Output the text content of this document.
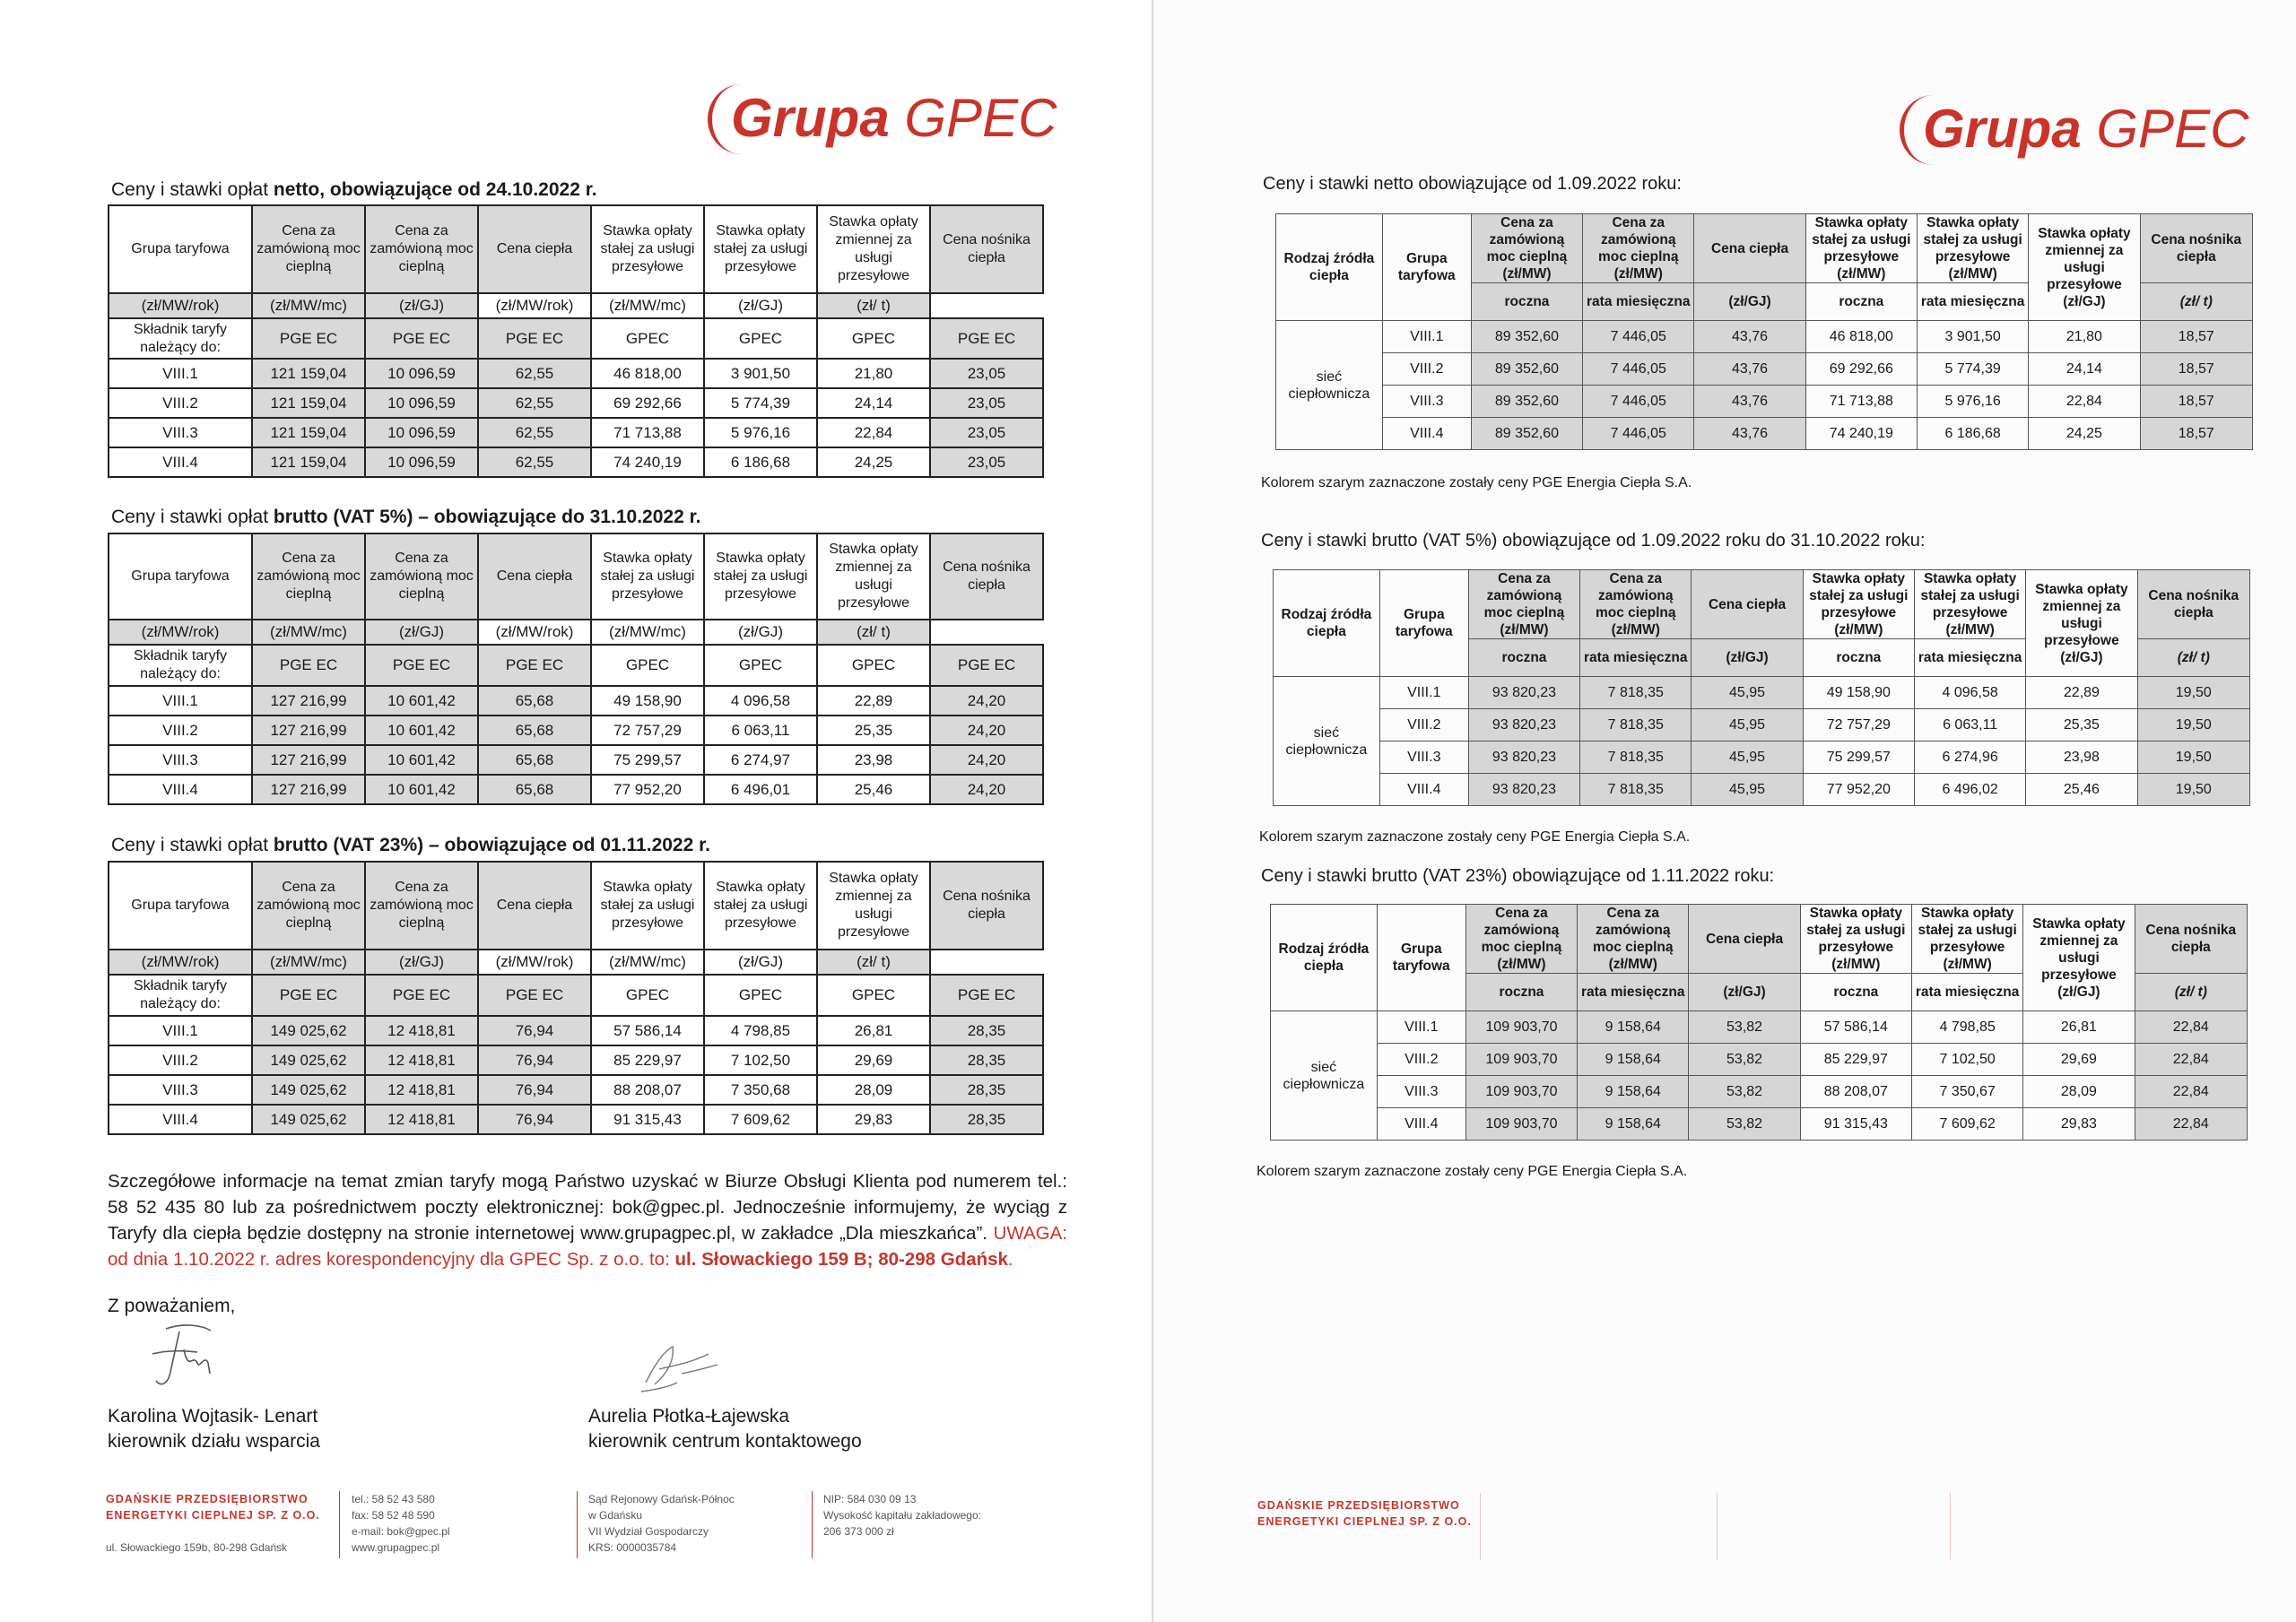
Grupa GPEC
Ceny i stawki opłat netto, obowiązujące od 24.10.2022 r.
Grupa taryfowa	Cena za zamówioną moc cieplną	Cena za zamówioną moc cieplną	Cena ciepła	Stawka opłaty stałej za usługi przesyłowe	Stawka opłaty stałej za usługi przesyłowe	Stawka opłaty zmiennej za usługi przesyłowe	Cena nośnika ciepła
(zł/MW/rok)	(zł/MW/mc)	(zł/GJ)	(zł/MW/rok)	(zł/MW/mc)	(zł/GJ)	(zł/ t)	
Składnik taryfy należący do:	PGE EC	PGE EC	PGE EC	GPEC	GPEC	GPEC	PGE EC
VIII.1	121 159,04	10 096,59	62,55	46 818,00	3 901,50	21,80	23,05
VIII.2	121 159,04	10 096,59	62,55	69 292,66	5 774,39	24,14	23,05
VIII.3	121 159,04	10 096,59	62,55	71 713,88	5 976,16	22,84	23,05
VIII.4	121 159,04	10 096,59	62,55	74 240,19	6 186,68	24,25	23,05
Ceny i stawki opłat brutto (VAT 5%) – obowiązujące do 31.10.2022 r.
Grupa taryfowa	Cena za zamówioną moc cieplną	Cena za zamówioną moc cieplną	Cena ciepła	Stawka opłaty stałej za usługi przesyłowe	Stawka opłaty stałej za usługi przesyłowe	Stawka opłaty zmiennej za usługi przesyłowe	Cena nośnika ciepła
(zł/MW/rok)	(zł/MW/mc)	(zł/GJ)	(zł/MW/rok)	(zł/MW/mc)	(zł/GJ)	(zł/ t)	
Składnik taryfy należący do:	PGE EC	PGE EC	PGE EC	GPEC	GPEC	GPEC	PGE EC
VIII.1	127 216,99	10 601,42	65,68	49 158,90	4 096,58	22,89	24,20
VIII.2	127 216,99	10 601,42	65,68	72 757,29	6 063,11	25,35	24,20
VIII.3	127 216,99	10 601,42	65,68	75 299,57	6 274,97	23,98	24,20
VIII.4	127 216,99	10 601,42	65,68	77 952,20	6 496,01	25,46	24,20
Ceny i stawki opłat brutto (VAT 23%) – obowiązujące od 01.11.2022 r.
Grupa taryfowa	Cena za zamówioną moc cieplną	Cena za zamówioną moc cieplną	Cena ciepła	Stawka opłaty stałej za usługi przesyłowe	Stawka opłaty stałej za usługi przesyłowe	Stawka opłaty zmiennej za usługi przesyłowe	Cena nośnika ciepła
(zł/MW/rok)	(zł/MW/mc)	(zł/GJ)	(zł/MW/rok)	(zł/MW/mc)	(zł/GJ)	(zł/ t)	
Składnik taryfy należący do:	PGE EC	PGE EC	PGE EC	GPEC	GPEC	GPEC	PGE EC
VIII.1	149 025,62	12 418,81	76,94	57 586,14	4 798,85	26,81	28,35
VIII.2	149 025,62	12 418,81	76,94	85 229,97	7 102,50	29,69	28,35
VIII.3	149 025,62	12 418,81	76,94	88 208,07	7 350,68	28,09	28,35
VIII.4	149 025,62	12 418,81	76,94	91 315,43	7 609,62	29,83	28,35
Szczegółowe informacje na temat zmian taryfy mogą Państwo uzyskać w Biurze Obsługi Klienta pod numerem tel.: 58 52 435 80 lub za pośrednictwem poczty elektronicznej: bok@gpec.pl. Jednocześnie informujemy, że wyciąg z Taryfy dla ciepła będzie dostępny na stronie internetowej www.grupagpec.pl, w zakładce „Dla mieszkańca”. UWAGA: od dnia 1.10.2022 r. adres korespondencyjny dla GPEC Sp. z o.o. to: ul. Słowackiego 159 B; 80-298 Gdańsk.
Z poważaniem,
Karolina Wojtasik- Lenart
kierownik działu wsparcia
Aurelia Płotka-Łajewska
kierownik centrum kontaktowego
GDAŃSKIE PRZEDSIĘBIORSTWO
ENERGETYKI CIEPLNEJ SP. Z O.O.
ul. Słowackiego 159b, 80-298 Gdańsk
tel.: 58 52 43 580
fax: 58 52 48 590
e-mail: bok@gpec.pl
www.grupagpec.pl
Sąd Rejonowy Gdańsk-Północ
w Gdańsku
VII Wydział Gospodarczy
KRS: 0000035784
NIP: 584 030 09 13
Wysokość kapitału zakładowego:
206 373 000 zł
Grupa GPEC
Ceny i stawki netto obowiązujące od 1.09.2022 roku:
Rodzaj źródła ciepła	Grupa taryfowa	Cena za zamówioną moc cieplną (zł/MW)	Cena za zamówioną moc cieplną (zł/MW)	Cena ciepła	Stawka opłaty stałej za usługi przesyłowe (zł/MW)	Stawka opłaty stałej za usługi przesyłowe (zł/MW)	Stawka opłaty zmiennej za usługi przesyłowe (zł/GJ)	Cena nośnika ciepła
		roczna	rata miesięczna	(zł/GJ)	roczna	rata miesięczna		(zł/ t)
sieć ciepłownicza	VIII.1	89 352,60	7 446,05	43,76	46 818,00	3 901,50	21,80	18,57
	VIII.2	89 352,60	7 446,05	43,76	69 292,66	5 774,39	24,14	18,57
	VIII.3	89 352,60	7 446,05	43,76	71 713,88	5 976,16	22,84	18,57
	VIII.4	89 352,60	7 446,05	43,76	74 240,19	6 186,68	24,25	18,57
Kolorem szarym zaznaczone zostały ceny PGE Energia Ciepła S.A.
Ceny i stawki brutto (VAT 5%) obowiązujące od 1.09.2022 roku do 31.10.2022 roku:
Rodzaj źródła ciepła	Grupa taryfowa	Cena za zamówioną moc cieplną (zł/MW)	Cena za zamówioną moc cieplną (zł/MW)	Cena ciepła	Stawka opłaty stałej za usługi przesyłowe (zł/MW)	Stawka opłaty stałej za usługi przesyłowe (zł/MW)	Stawka opłaty zmiennej za usługi przesyłowe (zł/GJ)	Cena nośnika ciepła
		roczna	rata miesięczna	(zł/GJ)	roczna	rata miesięczna		(zł/ t)
sieć ciepłownicza	VIII.1	93 820,23	7 818,35	45,95	49 158,90	4 096,58	22,89	19,50
	VIII.2	93 820,23	7 818,35	45,95	72 757,29	6 063,11	25,35	19,50
	VIII.3	93 820,23	7 818,35	45,95	75 299,57	6 274,96	23,98	19,50
	VIII.4	93 820,23	7 818,35	45,95	77 952,20	6 496,02	25,46	19,50
Kolorem szarym zaznaczone zostały ceny PGE Energia Ciepła S.A.
Ceny i stawki brutto (VAT 23%) obowiązujące od 1.11.2022 roku:
Rodzaj źródła ciepła	Grupa taryfowa	Cena za zamówioną moc cieplną (zł/MW)	Cena za zamówioną moc cieplną (zł/MW)	Cena ciepła	Stawka opłaty stałej za usługi przesyłowe (zł/MW)	Stawka opłaty stałej za usługi przesyłowe (zł/MW)	Stawka opłaty zmiennej za usługi przesyłowe (zł/GJ)	Cena nośnika ciepła
		roczna	rata miesięczna	(zł/GJ)	roczna	rata miesięczna		(zł/ t)
sieć ciepłownicza	VIII.1	109 903,70	9 158,64	53,82	57 586,14	4 798,85	26,81	22,84
	VIII.2	109 903,70	9 158,64	53,82	85 229,97	7 102,50	29,69	22,84
	VIII.3	109 903,70	9 158,64	53,82	88 208,07	7 350,67	28,09	22,84
	VIII.4	109 903,70	9 158,64	53,82	91 315,43	7 609,62	29,83	22,84
Kolorem szarym zaznaczone zostały ceny PGE Energia Ciepła S.A.
GDAŃSKIE PRZEDSIĘBIORSTWO
ENERGETYKI CIEPLNEJ SP. Z O.O.
